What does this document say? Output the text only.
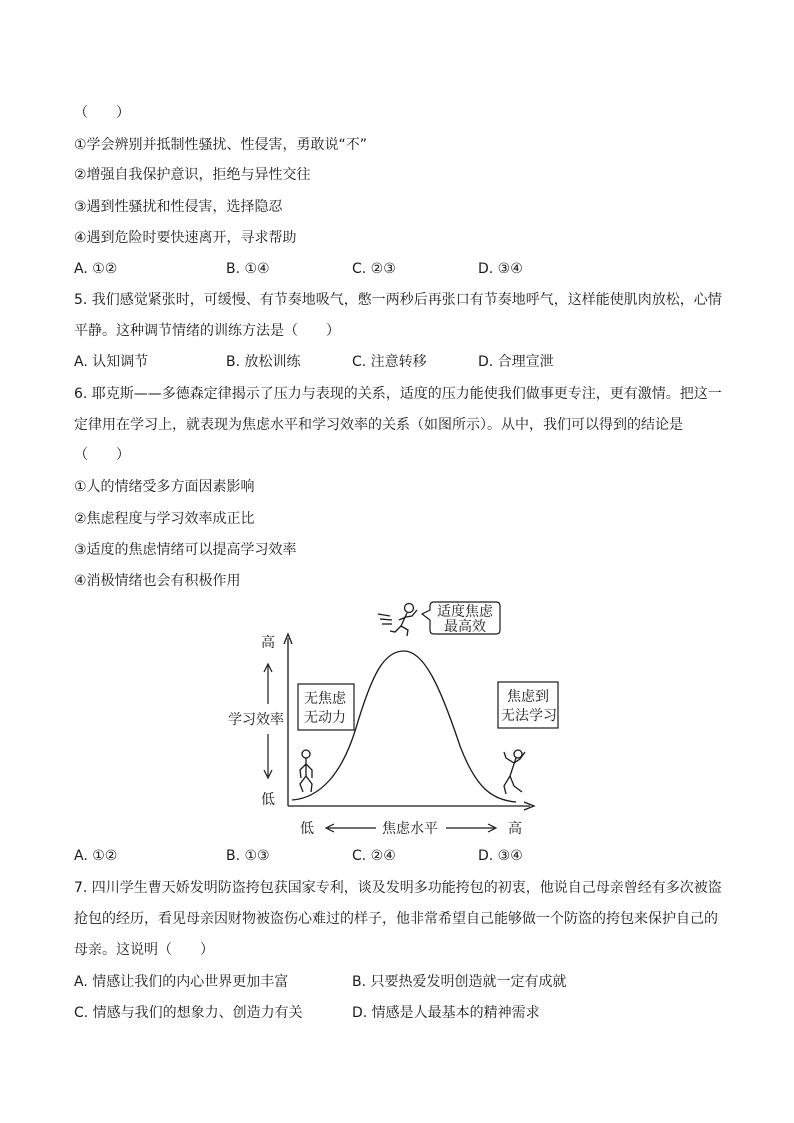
（　　）
①学会辨别并抵制性骚扰、性侵害，勇敢说“不”
②增强自我保护意识，拒绝与异性交往
③遇到性骚扰和性侵害，选择隐忍
④遇到危险时要快速离开，寻求帮助
A. ①②	B. ①④	C. ②③	D. ③④
5. 我们感觉紧张时，可缓慢、有节奏地吸气，憋一两秒后再张口有节奏地呼气，这样能使肌肉放松，心情
平静。这种调节情绪的训练方法是（　　）
A. 认知调节	B. 放松训练	C. 注意转移	D. 合理宣泄
6. 耶克斯——多德森定律揭示了压力与表现的关系，适度的压力能使我们做事更专注，更有激情。把这一
定律用在学习上，就表现为焦虑水平和学习效率的关系（如图所示）。从中，我们可以得到的结论是
（　　）
①人的情绪受多方面因素影响
②焦虑程度与学习效率成正比
③适度的焦虑情绪可以提高学习效率
④消极情绪也会有积极作用
高
学习效率
低
低	焦虑水平	高
无焦虑
无动力
焦虑到
无法学习
适度焦虑
最高效
A. ①②	B. ①③	C. ②④	D. ③④
7. 四川学生曹天娇发明防盗挎包获国家专利，谈及发明多功能挎包的初衷，他说自己母亲曾经有多次被盗
抢包的经历，看见母亲因财物被盗伤心难过的样子，他非常希望自己能够做一个防盗的挎包来保护自己的
母亲。这说明（　　）
A. 情感让我们的内心世界更加丰富	B. 只要热爱发明创造就一定有成就
C. 情感与我们的想象力、创造力有关	D. 情感是人最基本的精神需求
